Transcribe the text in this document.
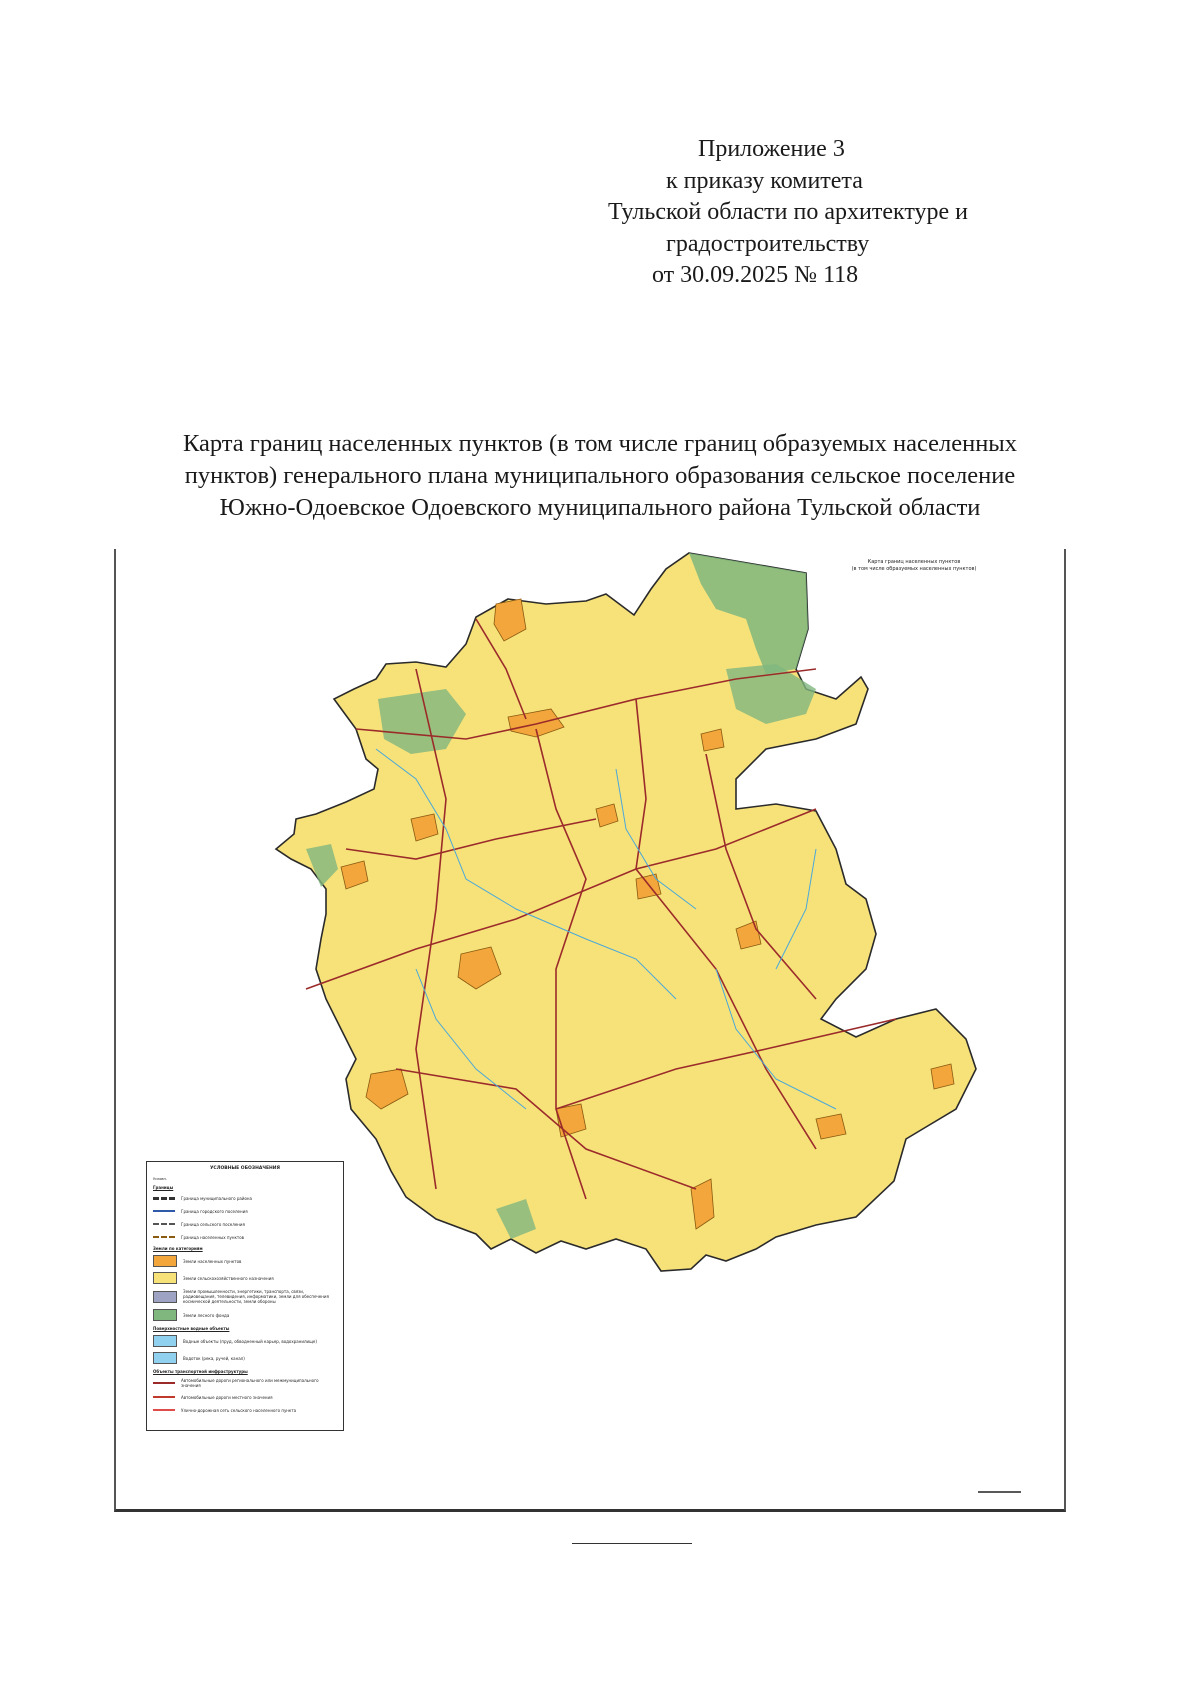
Приложение 3
к приказу комитета
Тульской области по архитектуре и
градостроительству
от 30.09.2025 № 118
Карта границ населенных пунктов (в том числе границ образуемых населенных
пунктов) генерального плана муниципального образования сельское поселение
Южно-Одоевское Одоевского муниципального района Тульской области
Карта границ населенных пунктов
(в том числе образуемых населенных пунктов)
УСЛОВНЫЕ ОБОЗНАЧЕНИЯ
Условн.
Границы
Граница муниципального района
Граница городского поселения
Граница сельского поселения
Граница населенных пунктов
Земли по категориям
Земли населенных пунктов
Земли сельскохозяйственного назначения
Земли промышленности, энергетики, транспорта, связи, радиовещания, телевидения, информатики, земли для обеспечения космической деятельности, земли обороны
Земли лесного фонда
Поверхностные водные объекты
Водные объекты (пруд, обводненный карьер, водохранилище)
Водоток (река, ручей, канал)
Объекты транспортной инфраструктуры
Автомобильные дороги регионального или межмуниципального значения
Автомобильные дороги местного значения
Улично-дорожная сеть сельского населенного пункта
